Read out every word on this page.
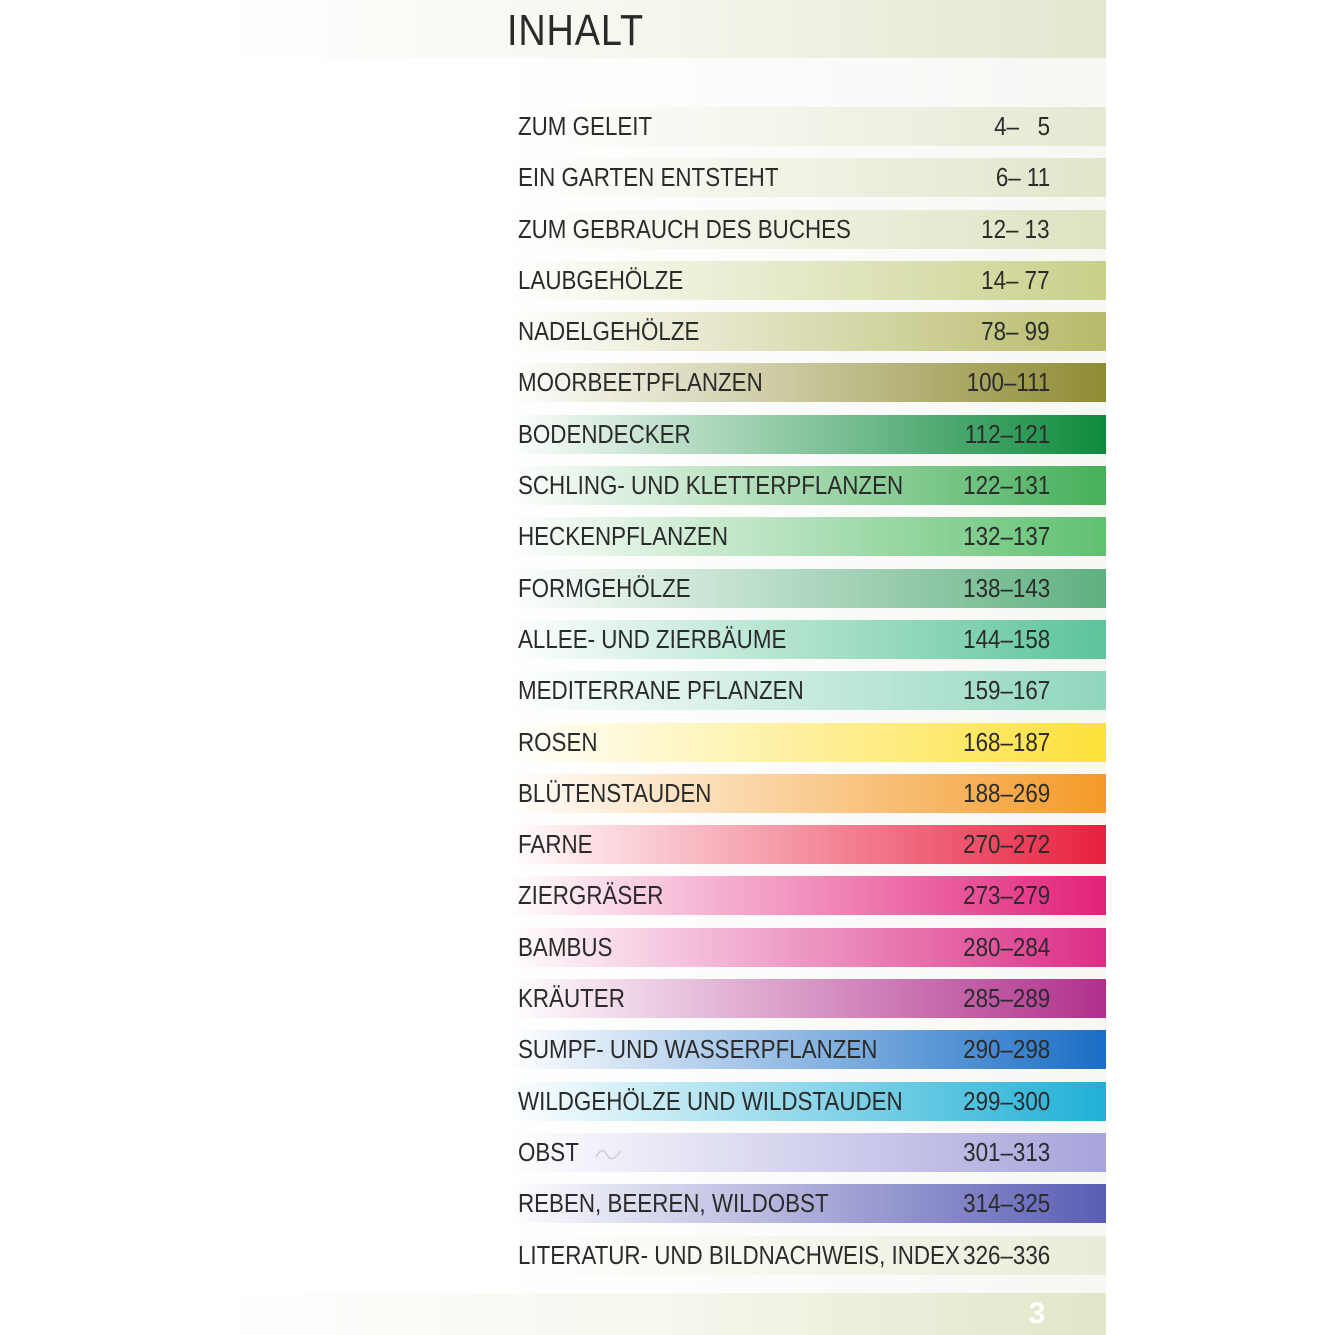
INHALT
ZUM GELEIT	4–   5
EIN GARTEN ENTSTEHT	6– 11
ZUM GEBRAUCH DES BUCHES	12– 13
LAUBGEHÖLZE	14– 77
NADELGEHÖLZE	78– 99
MOORBEETPFLANZEN	100–111
BODENDECKER	112–121
SCHLING- UND KLETTERPFLANZEN 122–131
HECKENPFLANZEN	132–137
FORMGEHÖLZE	138–143
ALLEE- UND ZIERBÄUME	144–158
MEDITERRANE PFLANZEN	159–167
ROSEN	168–187
BLÜTENSTAUDEN	188–269
FARNE	270–272
ZIERGRÄSER	273–279
BAMBUS	280–284
KRÄUTER	285–289
SUMPF- UND WASSERPFLANZEN	290–298
WILDGEHÖLZE UND WILDSTAUDEN 299–300
OBST	301–313
REBEN, BEEREN, WILDOBST	314–325
LITERATUR- UND BILDNACHWEIS, INDEX 326–336
3
